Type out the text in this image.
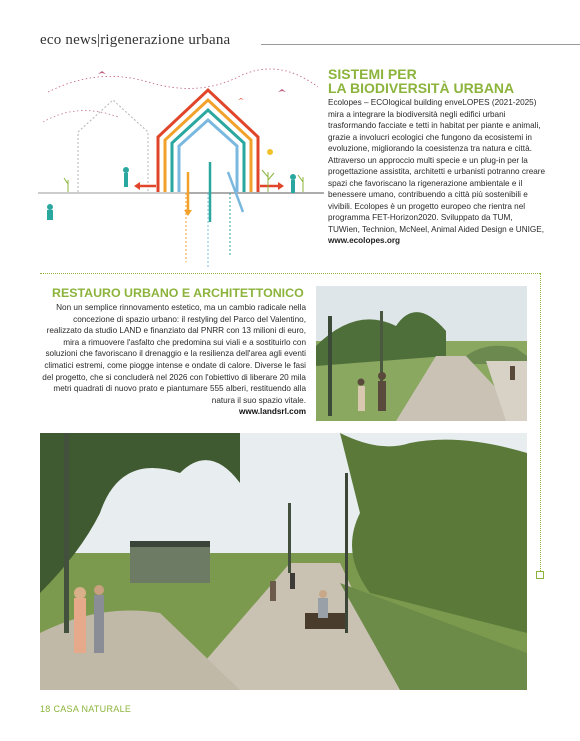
eco news|rigenerazione urbana
SISTEMI PER
LA BIODIVERSITÀ URBANA
Ecolopes – ECOlogical building enveLOPES (2021-2025) mira a integrare la biodiversità negli edifici urbani trasformando facciate e tetti in habitat per piante e animali, grazie a involucri ecologici che fungono da ecosistemi in evoluzione, migliorando la coesistenza tra natura e città. Attraverso un approccio multi specie e un plug-in per la progettazione assistita, architetti e urbanisti potranno creare spazi che favoriscano la rigenerazione ambientale e il benessere umano, contribuendo a città più sostenibili e vivibili. Ecolopes è un progetto europeo che rientra nel programma FET-Horizon2020. Sviluppato da TUM, TUWien, Technion, McNeel, Animal Aided Design e UNIGE, www.ecolopes.org
RESTAURO URBANO E ARCHITETTONICO
Non un semplice rinnovamento estetico, ma un cambio radicale nella concezione di spazio urbano: il restyling del Parco del Valentino, realizzato da studio LAND e finanziato dal PNRR con 13 milioni di euro, mira a rimuovere l'asfalto che predomina sui viali e a sostituirlo con soluzioni che favoriscano il drenaggio e la resilienza dell'area agli eventi climatici estremi, come piogge intense e ondate di calore. Diverse le fasi del progetto, che si concluderà nel 2026 con l'obiettivo di liberare 20 mila metri quadrati di nuovo prato e piantumare 555 alberi, restituendo alla natura il suo spazio vitale.
www.landsrl.com
18 CASA NATURALE
